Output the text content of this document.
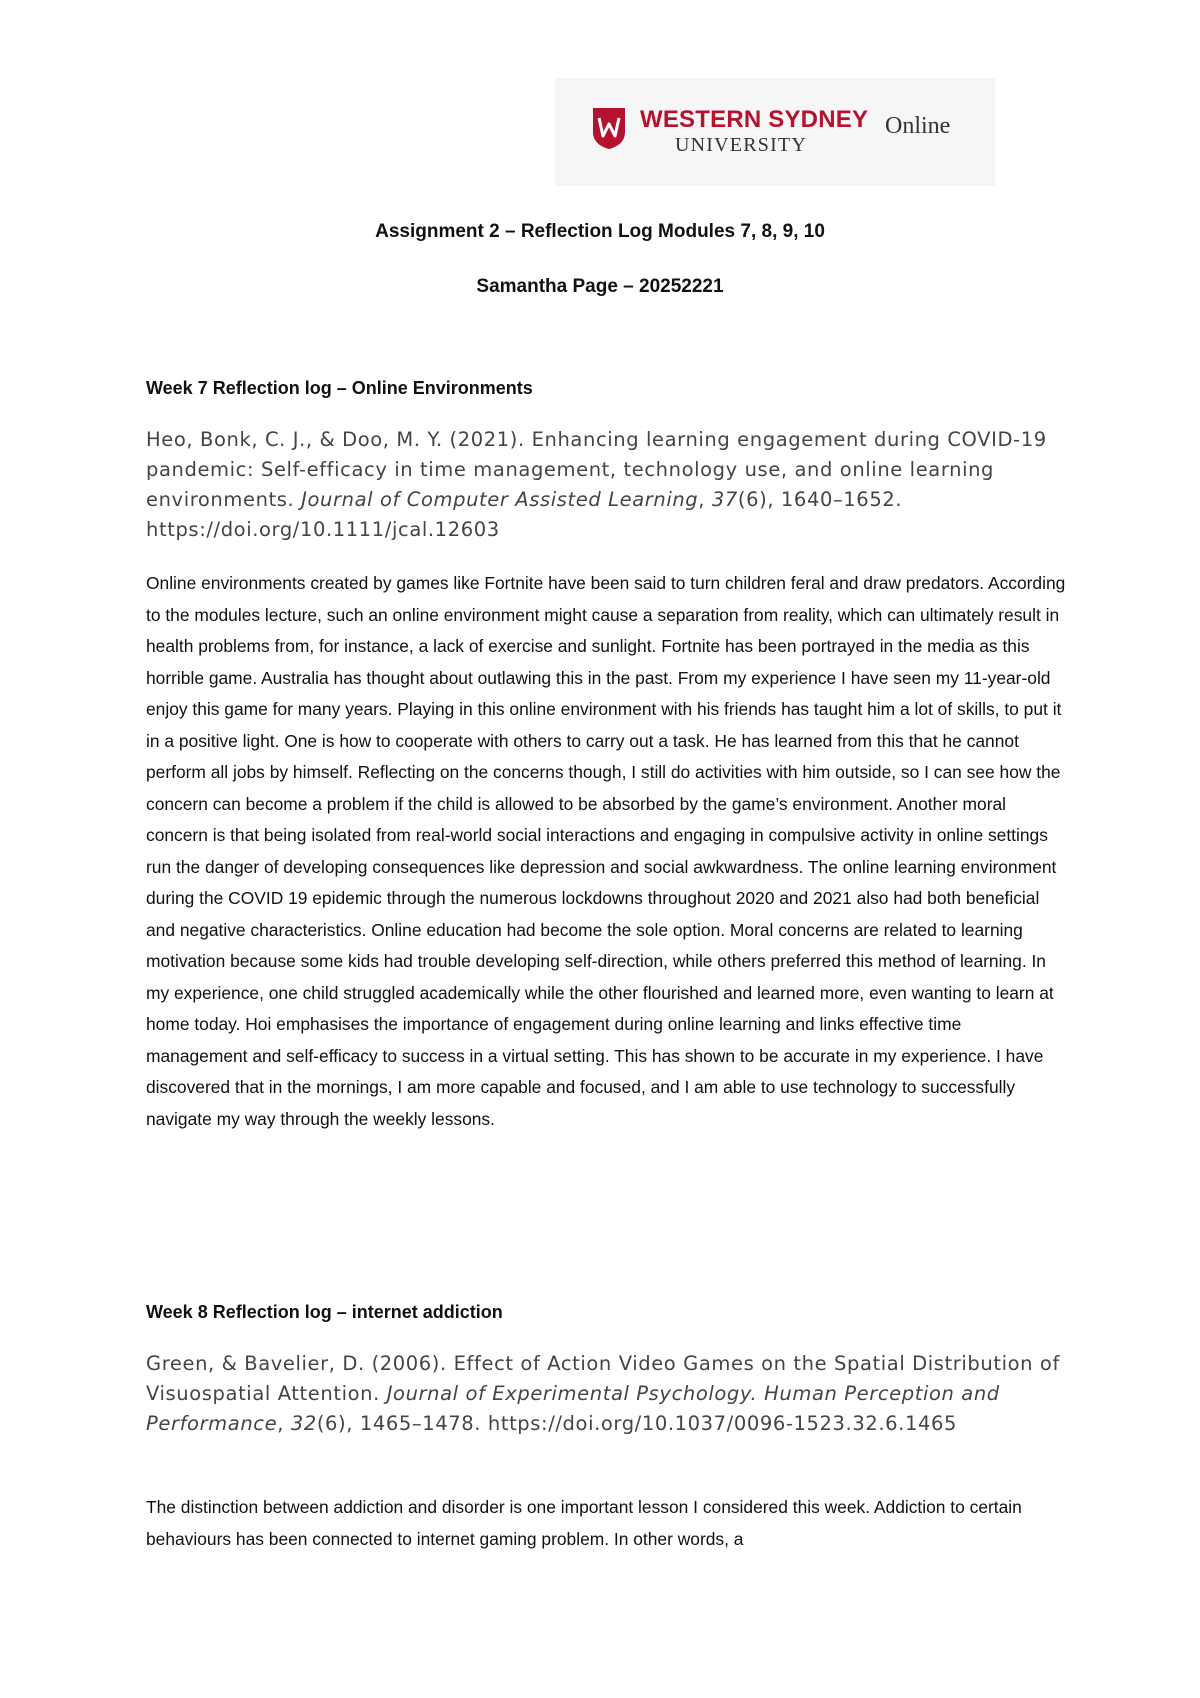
WESTERN SYDNEY
UNIVERSITY
Online
Assignment 2 – Reflection Log Modules 7, 8, 9, 10
Samantha Page – 20252221
Week 7 Reflection log – Online Environments
Heo, Bonk, C. J., & Doo, M. Y. (2021). Enhancing learning engagement during COVID-19 pandemic: Self-efficacy in time management, technology use, and online learning environments. Journal of Computer Assisted Learning, 37(6), 1640–1652. https://doi.org/10.1111/jcal.12603
Online environments created by games like Fortnite have been said to turn children feral and draw predators. According to the modules lecture, such an online environment might cause a separation from reality, which can ultimately result in health problems from, for instance, a lack of exercise and sunlight. Fortnite has been portrayed in the media as this horrible game. Australia has thought about outlawing this in the past. From my experience I have seen my 11-year-old enjoy this game for many years. Playing in this online environment with his friends has taught him a lot of skills, to put it in a positive light. One is how to cooperate with others to carry out a task. He has learned from this that he cannot perform all jobs by himself. Reflecting on the concerns though, I still do activities with him outside, so I can see how the concern can become a problem if the child is allowed to be absorbed by the game’s environment. Another moral concern is that being isolated from real-world social interactions and engaging in compulsive activity in online settings run the danger of developing consequences like depression and social awkwardness. The online learning environment during the COVID 19 epidemic through the numerous lockdowns throughout 2020 and 2021 also had both beneficial and negative characteristics. Online education had become the sole option. Moral concerns are related to learning motivation because some kids had trouble developing self-direction, while others preferred this method of learning. In my experience, one child struggled academically while the other flourished and learned more, even wanting to learn at home today. Hoi emphasises the importance of engagement during online learning and links effective time management and self-efficacy to success in a virtual setting. This has shown to be accurate in my experience. I have discovered that in the mornings, I am more capable and focused, and I am able to use technology to successfully navigate my way through the weekly lessons.
Week 8 Reflection log – internet addiction
Green, & Bavelier, D. (2006). Effect of Action Video Games on the Spatial Distribution of Visuospatial Attention. Journal of Experimental Psychology. Human Perception and Performance, 32(6), 1465–1478. https://doi.org/10.1037/0096-1523.32.6.1465
The distinction between addiction and disorder is one important lesson I considered this week. Addiction to certain behaviours has been connected to internet gaming problem. In other words, a
